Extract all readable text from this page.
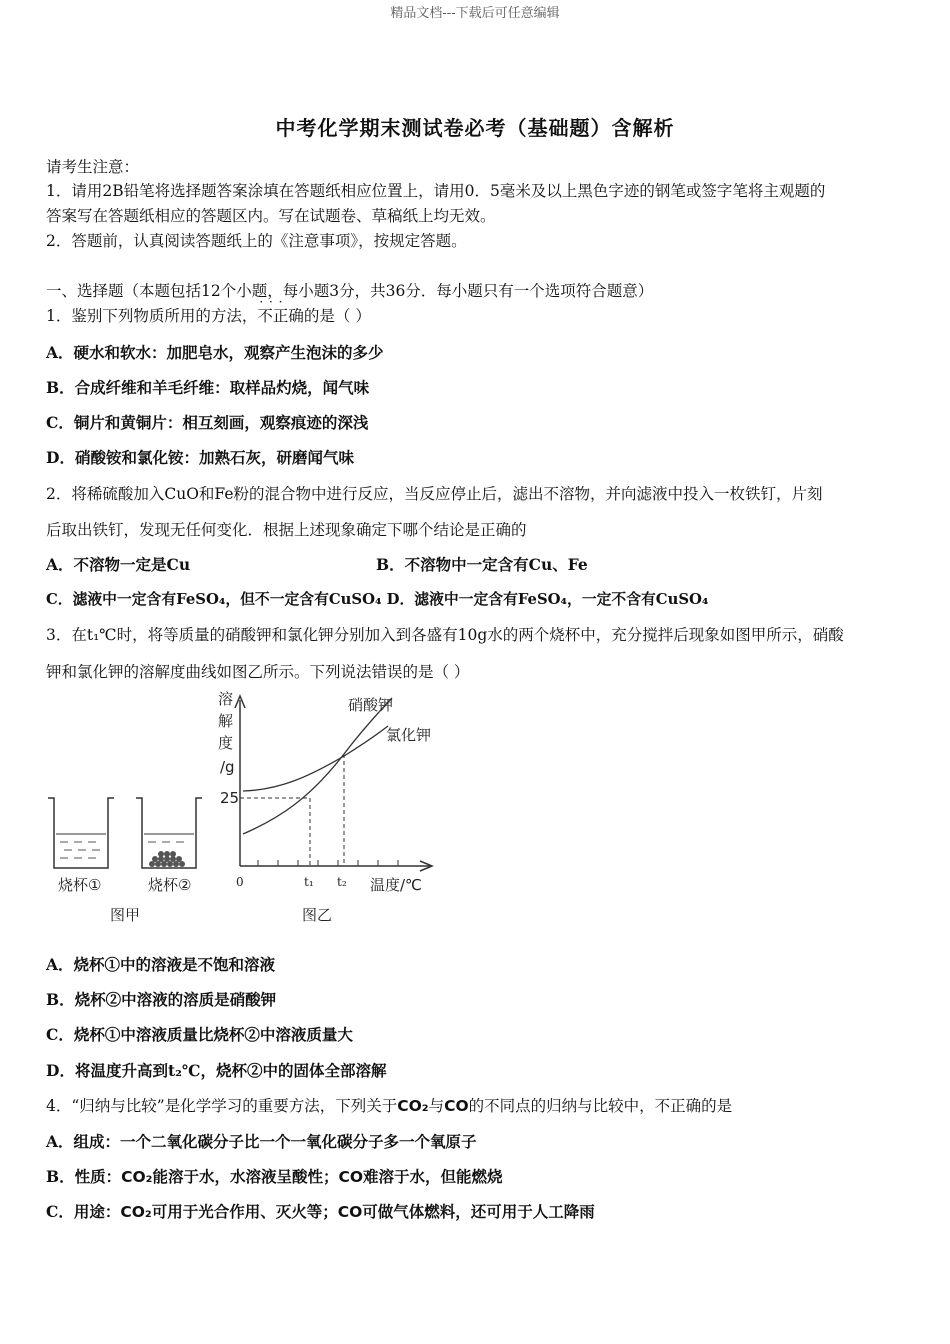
精品文档---下载后可任意编辑
中考化学期末测试卷必考（基础题）含解析
请考生注意：
1．请用2B铅笔将选择题答案涂填在答题纸相应位置上，请用0．5毫米及以上黑色字迹的钢笔或签字笔将主观题的
答案写在答题纸相应的答题区内。写在试题卷、草稿纸上均无效。
2．答题前，认真阅读答题纸上的《注意事项》，按规定答题。
一、选择题（本题包括12个小题，每小题3分，共36分．每小题只有一个选项符合题意）
1．鉴别下列物质所用的方法，不正确 · · ·的是（ ）
A．硬水和软水：加肥皂水，观察产生泡沫的多少
B．合成纤维和羊毛纤维：取样品灼烧，闻气味
C．铜片和黄铜片：相互刻画，观察痕迹的深浅
D．硝酸铵和氯化铵：加熟石灰，研磨闻气味
2．将稀硫酸加入CuO和Fe粉的混合物中进行反应，当反应停止后，滤出不溶物，并向滤液中投入一枚铁钉，片刻
后取出铁钉，发现无任何变化．根据上述现象确定下哪个结论是正确的
A．不溶物一定是Cu	B．不溶物中一定含有Cu、Fe
C．滤液中一定含有FeSO₄，但不一定含有CuSO₄ D．滤液中一定含有FeSO₄，一定不含有CuSO₄
3．在t₁℃时，将等质量的硝酸钾和氯化钾分别加入到各盛有10g水的两个烧杯中，充分搅拌后现象如图甲所示，硝酸
钾和氯化钾的溶解度曲线如图乙所示。下列说法错误的是（ ）
烧杯①	烧杯②
图甲
溶
解
度
/g
25
0	t₁ t₂ 温度/℃
硝酸钾
氯化钾
图乙
A．烧杯①中的溶液是不饱和溶液
B．烧杯②中溶液的溶质是硝酸钾
C．烧杯①中溶液质量比烧杯②中溶液质量大
D．将温度升高到t₂℃，烧杯②中的固体全部溶解
4．“归纳与比较”是化学学习的重要方法，下列关于CO₂与CO的不同点的归纳与比较中，不正确的是
A．组成：一个二氧化碳分子比一个一氧化碳分子多一个氧原子
B．性质：CO₂能溶于水，水溶液呈酸性；CO难溶于水，但能燃烧
C．用途：CO₂可用于光合作用、灭火等；CO可做气体燃料，还可用于人工降雨
